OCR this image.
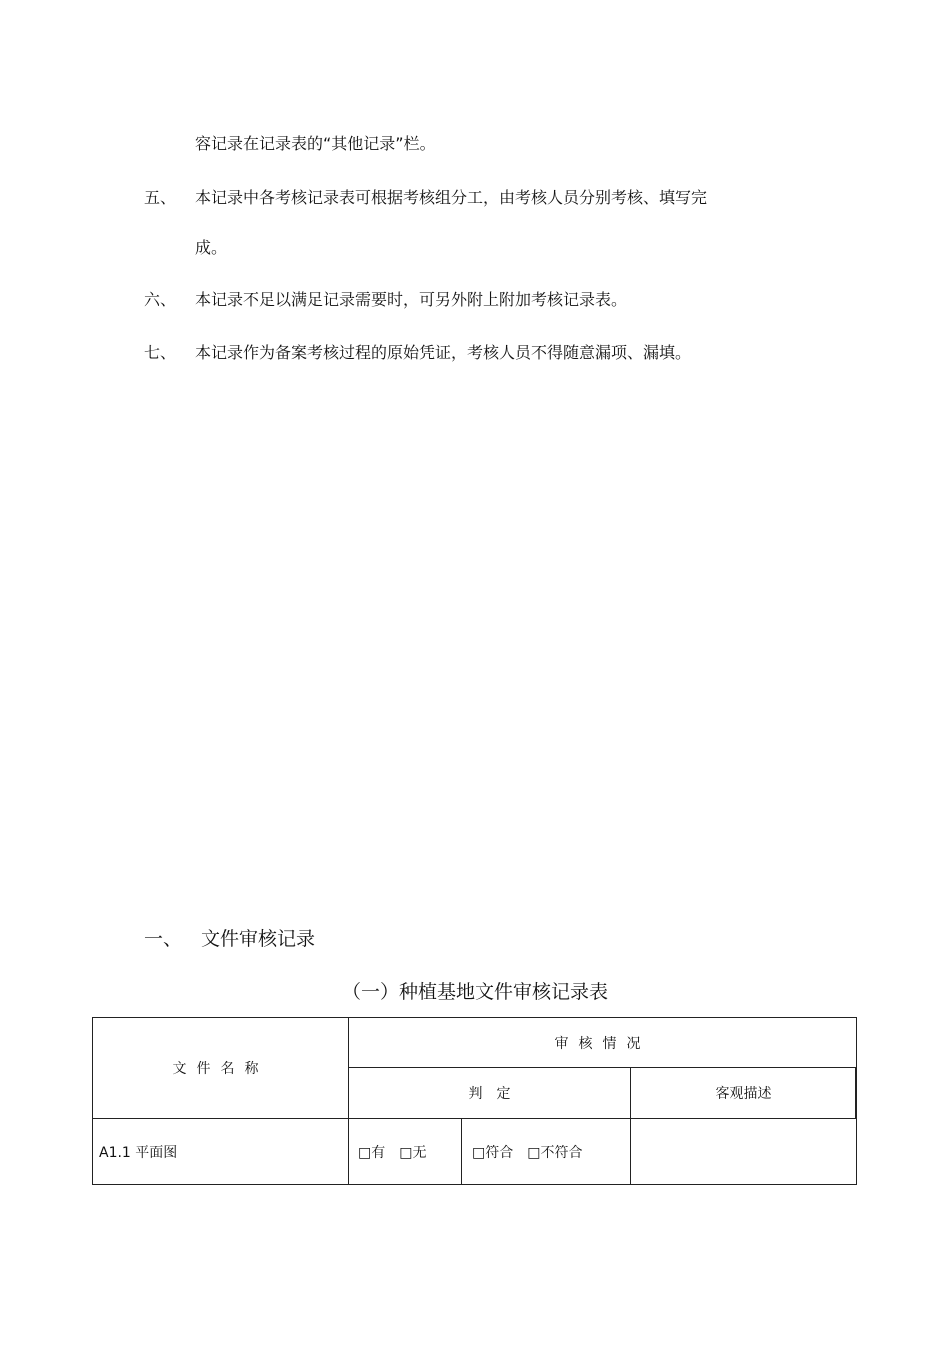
容记录在记录表的“其他记录”栏。
五、 本记录中各考核记录表可根据考核组分工，由考核人员分别考核、填写完
成。
六、 本记录不足以满足记录需要时，可另外附上附加考核记录表。
七、 本记录作为备案考核过程的原始凭证，考核人员不得随意漏项、漏填。
一、 文件审核记录
（一）种植基地文件审核记录表
文件名称
审核情况
判　定	客观描述
A1.1 平面图	□有　□无	□符合　□不符合
